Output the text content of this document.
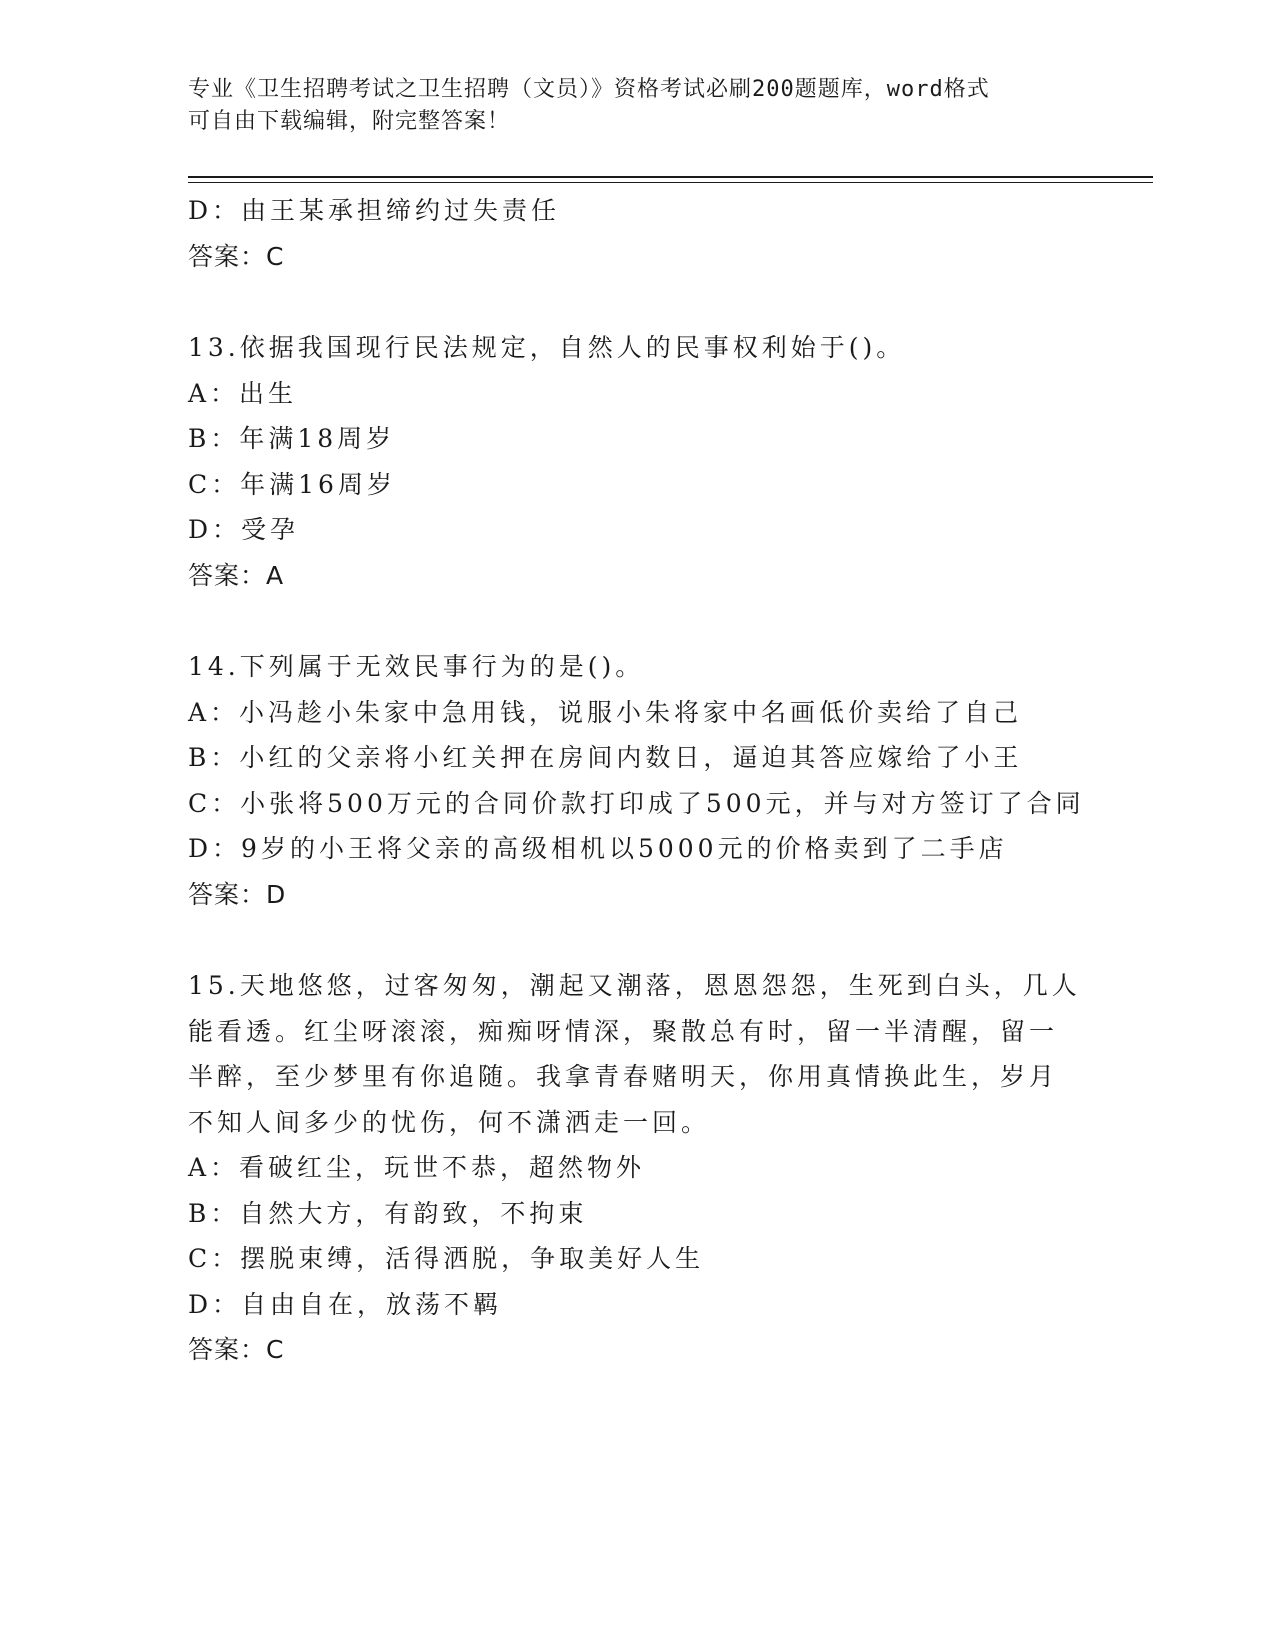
专业《卫生招聘考试之卫生招聘（文员）》资格考试必刷200题题库，word格式
可自由下载编辑，附完整答案！
D：由王某承担缔约过失责任
答案：C
13.依据我国现行民法规定，自然人的民事权利始于()。
A：出生
B：年满18周岁
C：年满16周岁
D：受孕
答案：A
14.下列属于无效民事行为的是()。
A：小冯趁小朱家中急用钱，说服小朱将家中名画低价卖给了自己
B：小红的父亲将小红关押在房间内数日，逼迫其答应嫁给了小王
C：小张将500万元的合同价款打印成了500元，并与对方签订了合同
D：9岁的小王将父亲的高级相机以5000元的价格卖到了二手店
答案：D
15.天地悠悠，过客匆匆，潮起又潮落，恩恩怨怨，生死到白头，几人
能看透。红尘呀滚滚，痴痴呀情深，聚散总有时，留一半清醒，留一
半醉，至少梦里有你追随。我拿青春赌明天，你用真情换此生，岁月
不知人间多少的忧伤，何不潇洒走一回。
A：看破红尘，玩世不恭，超然物外
B：自然大方，有韵致，不拘束
C：摆脱束缚，活得洒脱，争取美好人生
D：自由自在，放荡不羁
答案：C
